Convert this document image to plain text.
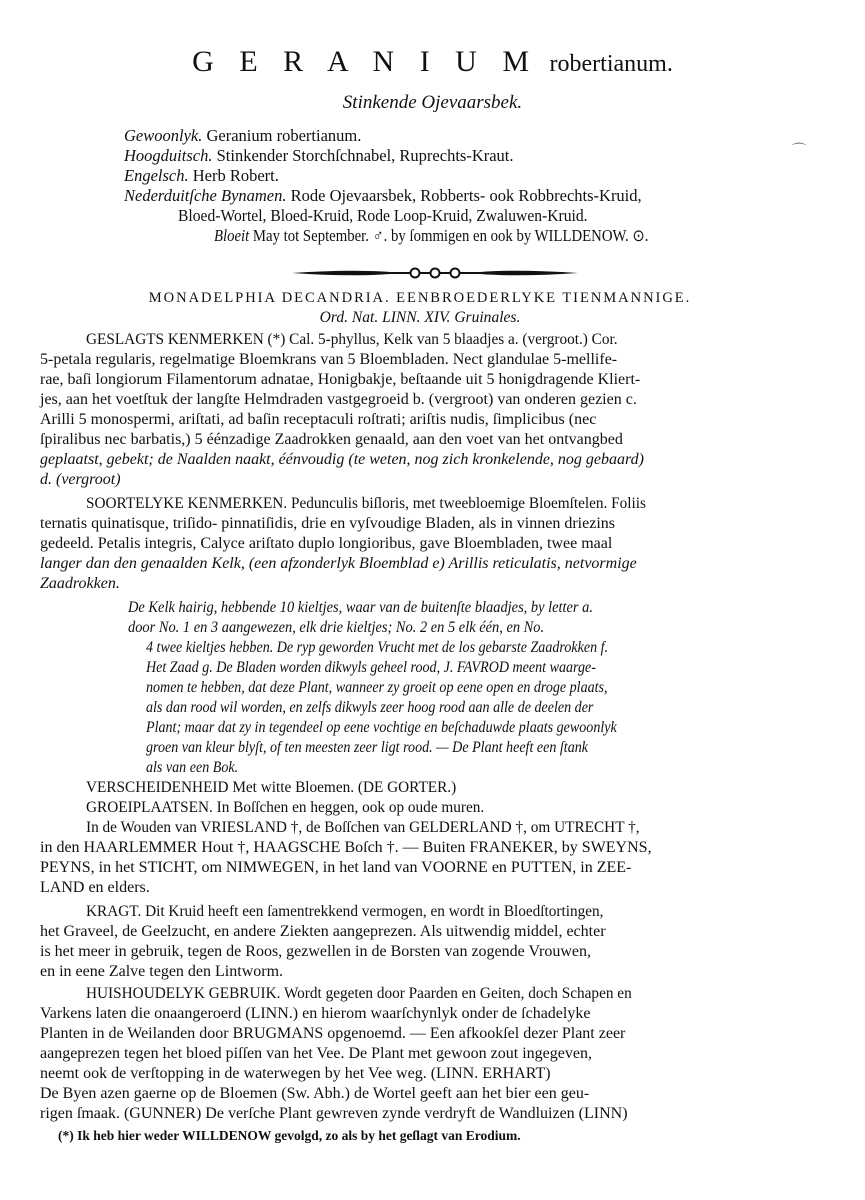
G E R A N I U M robertianum.
Stinkende Ojevaarsbek.
Gewoonlyk. Geranium robertianum.
Hoogduitsch. Stinkender Storchſchnabel, Ruprechts-Kraut.
Engelsch. Herb Robert.
Nederduitſche Bynamen. Rode Ojevaarsbek, Robberts- ook Robbrechts-Kruid,
Bloed-Wortel, Bloed-Kruid, Rode Loop-Kruid, Zwaluwen-Kruid.
Bloeit May tot September. ♂. by ſommigen en ook by WILLDENOW. ⊙.
⌒
MONADELPHIA DECANDRIA. EENBROEDERLYKE TIENMANNIGE.
Ord. Nat. LINN. XIV. Gruinales.
GESLAGTS KENMERKEN (*) Cal. 5-phyllus, Kelk van 5 blaadjes a. (vergroot.) Cor.
5-petala regularis, regelmatige Bloemkrans van 5 Bloembladen. Nect glandulae 5-mellife-
rae, baſi longiorum Filamentorum adnatae, Honigbakje, beſtaande uit 5 honigdragende Kliert-
jes, aan het voetſtuk der langſte Helmdraden vastgegroeid b. (vergroot) van onderen gezien c.
Arilli 5 monospermi, ariſtati, ad baſin receptaculi roſtrati; ariſtis nudis, ſimplicibus (nec
ſpiralibus nec barbatis,) 5 éénzadige Zaadrokken genaald, aan den voet van het ontvangbed
geplaatst, gebekt; de Naalden naakt, éénvoudig (te weten, nog zich kronkelende, nog gebaard)
d. (vergroot)
SOORTELYKE KENMERKEN. Pedunculis biſloris, met tweebloemige Bloemſtelen. Foliis
ternatis quinatisque, triſido- pinnatiſidis, drie en vyſvoudige Bladen, als in vinnen driezins
gedeeld. Petalis integris, Calyce ariſtato duplo longioribus, gave Bloembladen, twee maal
langer dan den genaalden Kelk, (een afzonderlyk Bloemblad e) Arillis reticulatis, netvormige
Zaadrokken.
De Kelk hairig, hebbende 10 kieltjes, waar van de buitenſte blaadjes, by letter a.
door No. 1 en 3 aangewezen, elk drie kieltjes; No. 2 en 5 elk één, en No.
4 twee kieltjes hebben. De ryp geworden Vrucht met de los gebarste Zaadrokken f.
Het Zaad g. De Bladen worden dikwyls geheel rood, J. FAVROD meent waarge-
nomen te hebben, dat deze Plant, wanneer zy groeit op eene open en droge plaats,
als dan rood wil worden, en zelfs dikwyls zeer hoog rood aan alle de deelen der
Plant; maar dat zy in tegendeel op eene vochtige en beſchaduwde plaats gewoonlyk
groen van kleur blyſt, of ten meesten zeer ligt rood. — De Plant heeft een ſtank
als van een Bok.
VERSCHEIDENHEID Met witte Bloemen. (DE GORTER.)
GROEIPLAATSEN. In Boſſchen en heggen, ook op oude muren.
In de Wouden van VRIESLAND †, de Boſſchen van GELDERLAND †, om UTRECHT †,
in den HAARLEMMER Hout †, HAAGSCHE Boſch †. — Buiten FRANEKER, by SWEYNS,
PEYNS, in het STICHT, om NIMWEGEN, in het land van VOORNE en PUTTEN, in ZEE-
LAND en elders.
KRAGT. Dit Kruid heeft een ſamentrekkend vermogen, en wordt in Bloedſtortingen,
het Graveel, de Geelzucht, en andere Ziekten aangeprezen. Als uitwendig middel, echter
is het meer in gebruik, tegen de Roos, gezwellen in de Borsten van zogende Vrouwen,
en in eene Zalve tegen den Lintworm.
HUISHOUDELYK GEBRUIK. Wordt gegeten door Paarden en Geiten, doch Schapen en
Varkens laten die onaangeroerd (LINN.) en hierom waarſchynlyk onder de ſchadelyke
Planten in de Weilanden door BRUGMANS opgenoemd. — Een afkookſel dezer Plant zeer
aangeprezen tegen het bloed piſſen van het Vee. De Plant met gewoon zout ingegeven,
neemt ook de verſtopping in de waterwegen by het Vee weg. (LINN. ERHART)
De Byen azen gaerne op de Bloemen (Sw. Abh.) de Wortel geeft aan het bier een geu-
rigen ſmaak. (GUNNER) De verſche Plant gewreven zynde verdryft de Wandluizen (LINN)
(*) Ik heb hier weder WILLDENOW gevolgd, zo als by het geſlagt van Erodium.
